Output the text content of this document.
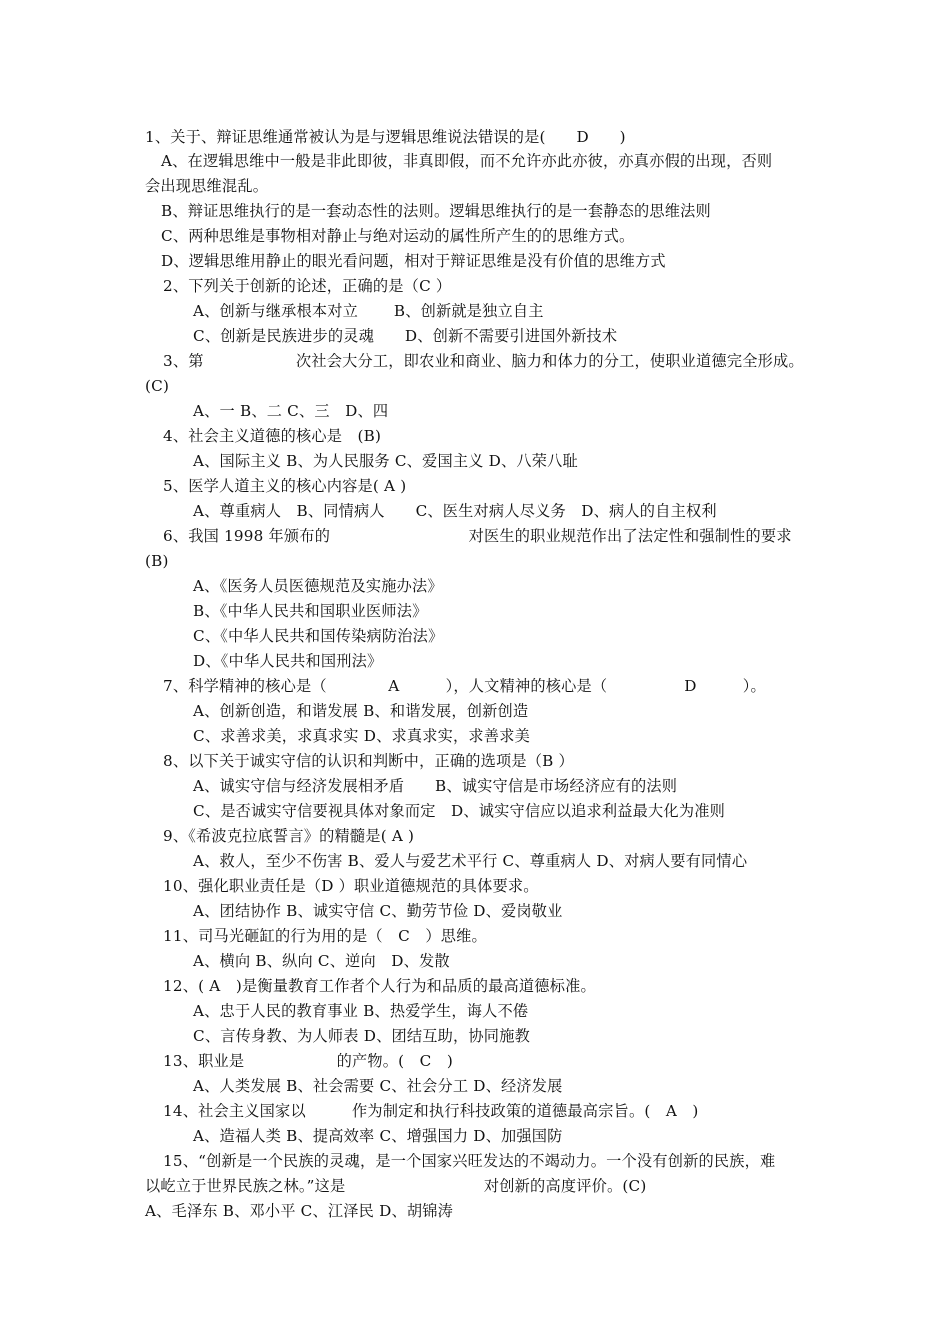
1、关于、辩证思维通常被认为是与逻辑思维说法错误的是(　　D　　)
A、在逻辑思维中一般是非此即彼，非真即假，而不允许亦此亦彼，亦真亦假的出现，否则
会出现思维混乱。
B、辩证思维执行的是一套动态性的法则。逻辑思维执行的是一套静态的思维法则
C、两种思维是事物相对静止与绝对运动的属性所产生的的思维方式。
D、逻辑思维用静止的眼光看问题，相对于辩证思维是没有价值的思维方式
2、下列关于创新的论述，正确的是（C ）
A、创新与继承根本对立　　 B、创新就是独立自主
C、创新是民族进步的灵魂　　D、创新不需要引进国外新技术
3、第　　　　　　次社会大分工，即农业和商业、脑力和体力的分工，使职业道德完全形成。
(C)
A、一 B、二 C、三　D、四
4、社会主义道德的核心是　(B)
A、国际主义 B、为人民服务 C、爱国主义 D、八荣八耻
5、医学人道主义的核心内容是( A )
A、尊重病人　B、同情病人　　C、医生对病人尽义务　D、病人的自主权利
6、我国 1998 年颁布的　　　　　　　　　对医生的职业规范作出了法定性和强制性的要求
(B)
A、《医务人员医德规范及实施办法》
B、《中华人民共和国职业医师法》
C、《中华人民共和国传染病防治法》
D、《中华人民共和国刑法》
7、科学精神的核心是（　　　　A　　　），人文精神的核心是（　　　　　D　　　）。
A、创新创造，和谐发展 B、和谐发展，创新创造
C、求善求美，求真求实 D、求真求实，求善求美
8、以下关于诚实守信的认识和判断中，正确的选项是（B ）
A、诚实守信与经济发展相矛盾　　B、诚实守信是市场经济应有的法则
C、是否诚实守信要视具体对象而定　D、诚实守信应以追求利益最大化为准则
9、《希波克拉底誓言》的精髓是( A )
A、救人，至少不伤害 B、爱人与爱艺术平行 C、尊重病人 D、对病人要有同情心
10、强化职业责任是（D ）职业道德规范的具体要求。
A、团结协作 B、诚实守信 C、勤劳节俭 D、爱岗敬业
11、司马光砸缸的行为用的是（　C　）思维。
A、横向 B、纵向 C、逆向　D、发散
12、( A　)是衡量教育工作者个人行为和品质的最高道德标准。
A、忠于人民的教育事业 B、热爱学生，诲人不倦
C、言传身教、为人师表 D、团结互助，协同施教
13、职业是　　　　　　的产物。(　C　)
A、人类发展 B、社会需要 C、社会分工 D、经济发展
14、社会主义国家以　　　作为制定和执行科技政策的道德最高宗旨。(　A　)
A、造福人类 B、提高效率 C、增强国力 D、加强国防
15、“创新是一个民族的灵魂，是一个国家兴旺发达的不竭动力。一个没有创新的民族，难
以屹立于世界民族之林。”这是　　　　　　　　　对创新的高度评价。(C)
A、毛泽东 B、邓小平 C、江泽民 D、胡锦涛
